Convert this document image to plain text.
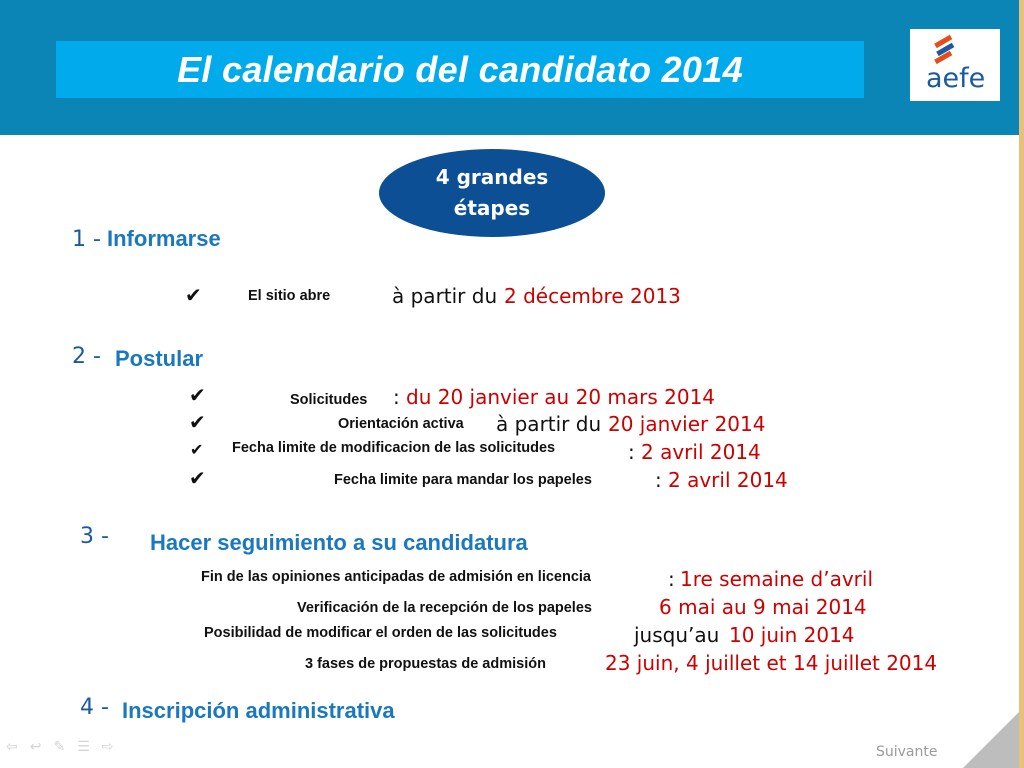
El calendario del candidato 2014	aefe
4 grandes
étapes
1 - Informarse
✔	El sitio abre	à partir du 2 décembre 2013
2 - Postular
✔	Solicitudes : du 20 janvier au 20 mars 2014
✔	Orientación activa à partir du 20 janvier 2014
✔ Fecha limite de modificacion de las solicitudes	: 2 avril 2014
✔	Fecha limite para mandar los papeles	: 2 avril 2014
3 - Hacer seguimiento a su candidatura
Fin de las opiniones anticipadas de admisión en licencia	: 1re semaine d’avril
Verificación de la recepción de los papeles	6 mai au 9 mai 2014
Posibilidad de modificar el orden de las solicitudes	jusqu’au 10 juin 2014
3 fases de propuestas de admisión	23 juin, 4 juillet et 14 juillet 2014
4 - Inscripción administrativa
⇦↩✎☰⇨	Suivante
